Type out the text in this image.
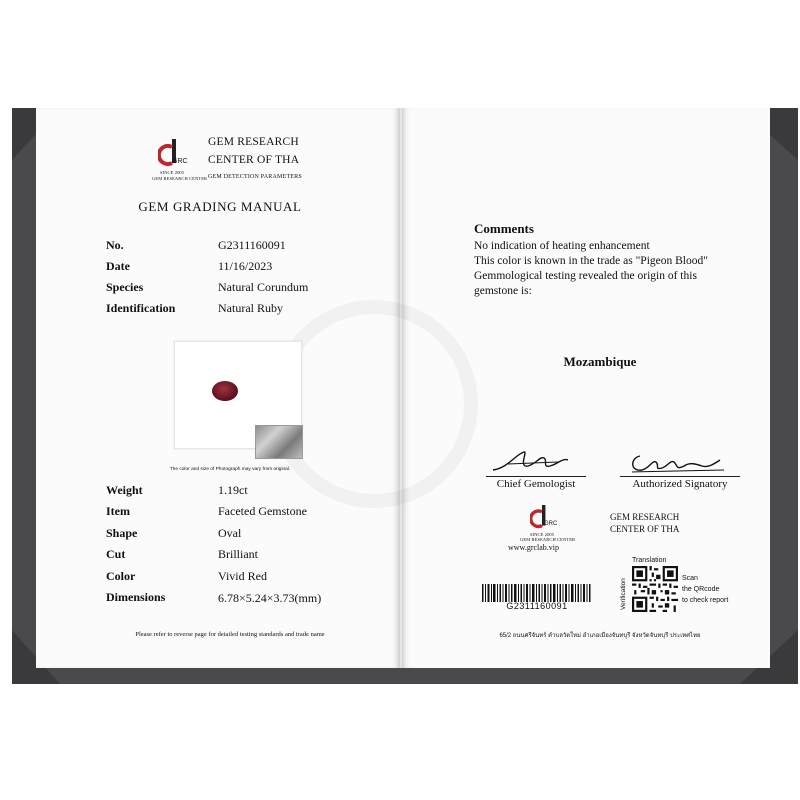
GRC
SINCE 2005
GEM RESEARCH CENTER
GEM RESEARCH
CENTER OF THA
GEM DETECTION PARAMETERS
GEM GRADING MANUAL
No.	G2311160091
Date	11/16/2023
Species	Natural Corundum
Identification	Natural Ruby
The color and size of Photograph may vary from original.
Weight	1.19ct
Item	Faceted Gemstone
Shape	Oval
Cut	Brilliant
Color	Vivid Red
Dimensions	6.78×5.24×3.73(mm)
Please refer to reverse page for detailed testing standards and trade name
Comments
No indication of heating enhancement
This color is known in the trade as "Pigeon Blood"
Gemmological testing revealed the origin of this
gemstone is:
Mozambique
Chief Gemologist	Authorized Signatory
GRC
SINCE 2005
GEM RESEARCH CENTER
www.grclab.vip
GEM RESEARCH
CENTER OF THA
G2311160091
Translation
Verification	Scan
the QRcode
to check report
65/2 ถนนศรีจันทร์ ตำบลวัดใหม่ อำเภอเมืองจันทบุรี จังหวัดจันทบุรี ประเทศไทย
